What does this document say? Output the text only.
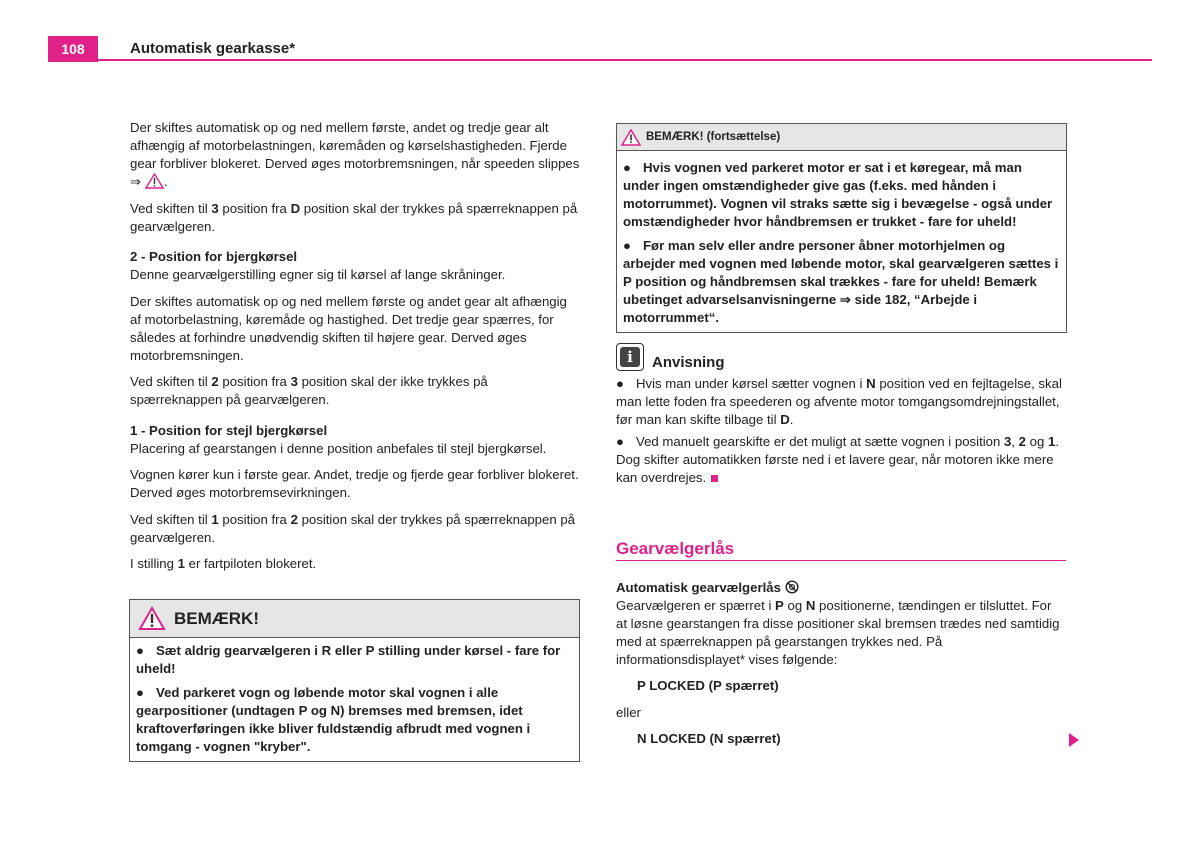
108	Automatisk gearkasse*

Der skiftes automatisk op og ned mellem første, andet og tredje gear alt afhængig af motorbelastningen, køremåden og kørselshastigheden. Fjerde gear forbliver blokeret. Derved øges motorbremsningen, når speeden slippes ⇒ .

Ved skiften til 3 position fra D position skal der trykkes på spærreknappen på gearvælgeren.

2 - Position for bjergkørsel

Denne gearvælgerstilling egner sig til kørsel af lange skråninger.

Der skiftes automatisk op og ned mellem første og andet gear alt afhængig af motorbelastning, køremåde og hastighed. Det tredje gear spærres, for således at forhindre unødvendig skiften til højere gear. Derved øges motorbremsningen.

Ved skiften til 2 position fra 3 position skal der ikke trykkes på spærreknappen på gearvælgeren.

1 - Position for stejl bjergkørsel

Placering af gearstangen i denne position anbefales til stejl bjergkørsel.

Vognen kører kun i første gear. Andet, tredje og fjerde gear forbliver blokeret. Derved øges motorbremsevirkningen.

Ved skiften til 1 position fra 2 position skal der trykkes på spærreknappen på gearvælgeren.

I stilling 1 er fartpiloten blokeret.

BEMÆRK!

● Sæt aldrig gearvælgeren i R eller P stilling under kørsel - fare for uheld!

● Ved parkeret vogn og løbende motor skal vognen i alle gearpositioner (undtagen P og N) bremses med bremsen, idet kraftoverføringen ikke bliver fuldstændig afbrudt med vognen i tomgang - vognen "kryber".

BEMÆRK! (fortsættelse)

● Hvis vognen ved parkeret motor er sat i et køregear, må man under ingen omstændigheder give gas (f.eks. med hånden i motorrummet). Vognen vil straks sætte sig i bevægelse - også under omstændigheder hvor håndbremsen er trukket - fare for uheld!

● Før man selv eller andre personer åbner motorhjelmen og arbejder med vognen med løbende motor, skal gearvælgeren sættes i P position og håndbremsen skal trækkes - fare for uheld! Bemærk ubetinget advarselsanvisningerne ⇒ side 182, “Arbejde i motorrummet“.

i	Anvisning

● Hvis man under kørsel sætter vognen i N position ved en fejltagelse, skal man lette foden fra speederen og afvente motor tomgangsomdrejningstallet, før man kan skifte tilbage til D.

● Ved manuelt gearskifte er det muligt at sætte vognen i position 3, 2 og 1. Dog skifter automatikken første ned i et lavere gear, når motoren ikke mere kan overdrejes.

Gearvælgerlås
Automatisk gearvælgerlås

Gearvælgeren er spærret i P og N positionerne, tændingen er tilsluttet. For at løsne gearstangen fra disse positioner skal bremsen trædes ned samtidig med at spærreknappen på gearstangen trykkes ned. På informationsdisplayet* vises følgende:

P LOCKED (P spærret)

eller

N LOCKED (N spærret)
